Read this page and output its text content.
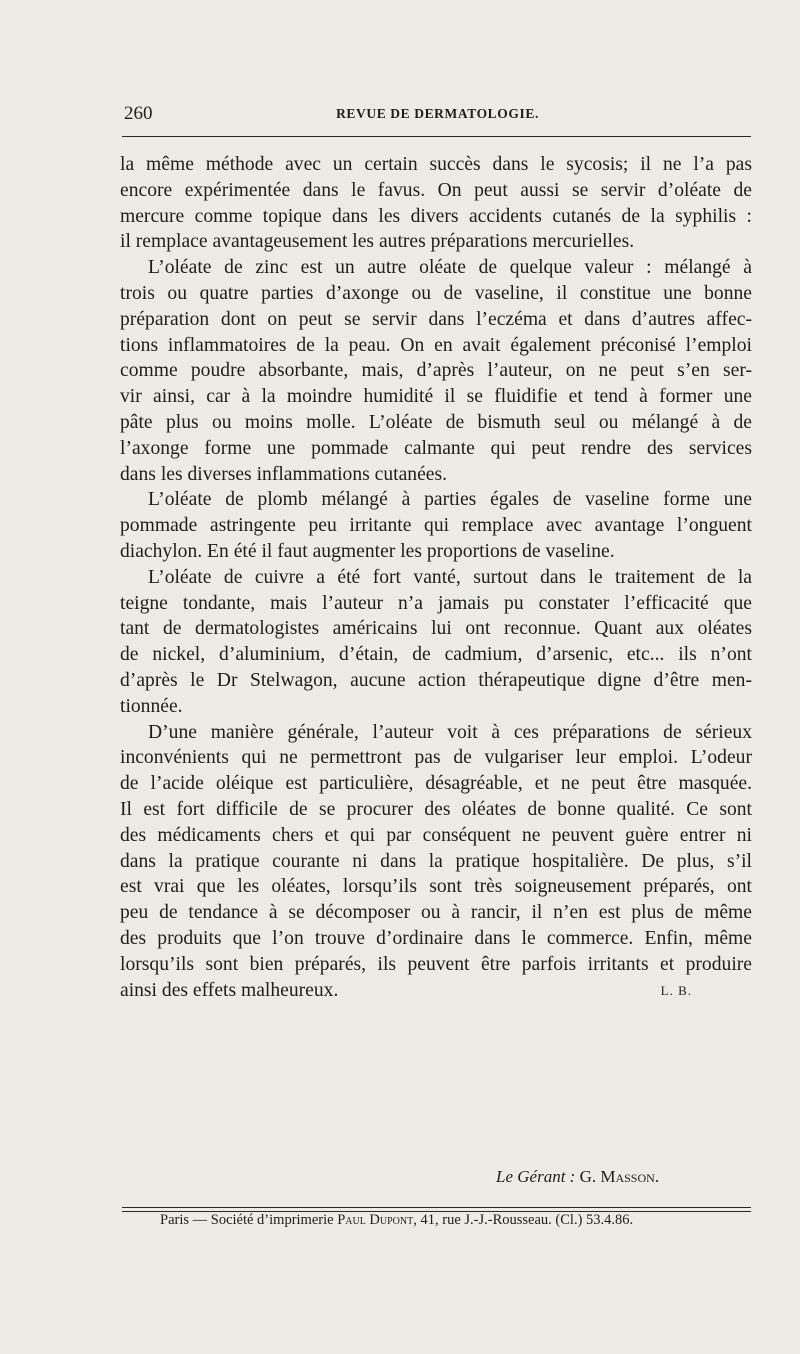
260	REVUE DE DERMATOLOGIE.
la même méthode avec un certain succès dans le sycosis; il ne l’a pas
encore expérimentée dans le favus. On peut aussi se servir d’oléate de
mercure comme topique dans les divers accidents cutanés de la syphilis :
il remplace avantageusement les autres préparations mercurielles.
L’oléate de zinc est un autre oléate de quelque valeur : mélangé à
trois ou quatre parties d’axonge ou de vaseline, il constitue une bonne
préparation dont on peut se servir dans l’eczéma et dans d’autres affec-
tions inflammatoires de la peau. On en avait également préconisé l’emploi
comme poudre absorbante, mais, d’après l’auteur, on ne peut s’en ser-
vir ainsi, car à la moindre humidité il se fluidifie et tend à former une
pâte plus ou moins molle. L’oléate de bismuth seul ou mélangé à de
l’axonge forme une pommade calmante qui peut rendre des services
dans les diverses inflammations cutanées.
L’oléate de plomb mélangé à parties égales de vaseline forme une
pommade astringente peu irritante qui remplace avec avantage l’onguent
diachylon. En été il faut augmenter les proportions de vaseline.
L’oléate de cuivre a été fort vanté, surtout dans le traitement de la
teigne tondante, mais l’auteur n’a jamais pu constater l’efficacité que
tant de dermatologistes américains lui ont reconnue. Quant aux oléates
de nickel, d’aluminium, d’étain, de cadmium, d’arsenic, etc... ils n’ont
d’après le Dr Stelwagon, aucune action thérapeutique digne d’être men-
tionnée.
D’une manière générale, l’auteur voit à ces préparations de sérieux
inconvénients qui ne permettront pas de vulgariser leur emploi. L’odeur
de l’acide oléique est particulière, désagréable, et ne peut être masquée.
Il est fort difficile de se procurer des oléates de bonne qualité. Ce sont
des médicaments chers et qui par conséquent ne peuvent guère entrer ni
dans la pratique courante ni dans la pratique hospitalière. De plus, s’il
est vrai que les oléates, lorsqu’ils sont très soigneusement préparés, ont
peu de tendance à se décomposer ou à rancir, il n’en est plus de même
des produits que l’on trouve d’ordinaire dans le commerce. Enfin, même
lorsqu’ils sont bien préparés, ils peuvent être parfois irritants et produire
ainsi des effets malheureux.	L. B.
Le Gérant : G. Masson.
Paris — Société d’imprimerie Paul Dupont, 41, rue J.-J.-Rousseau. (Cl.) 53.4.86.
